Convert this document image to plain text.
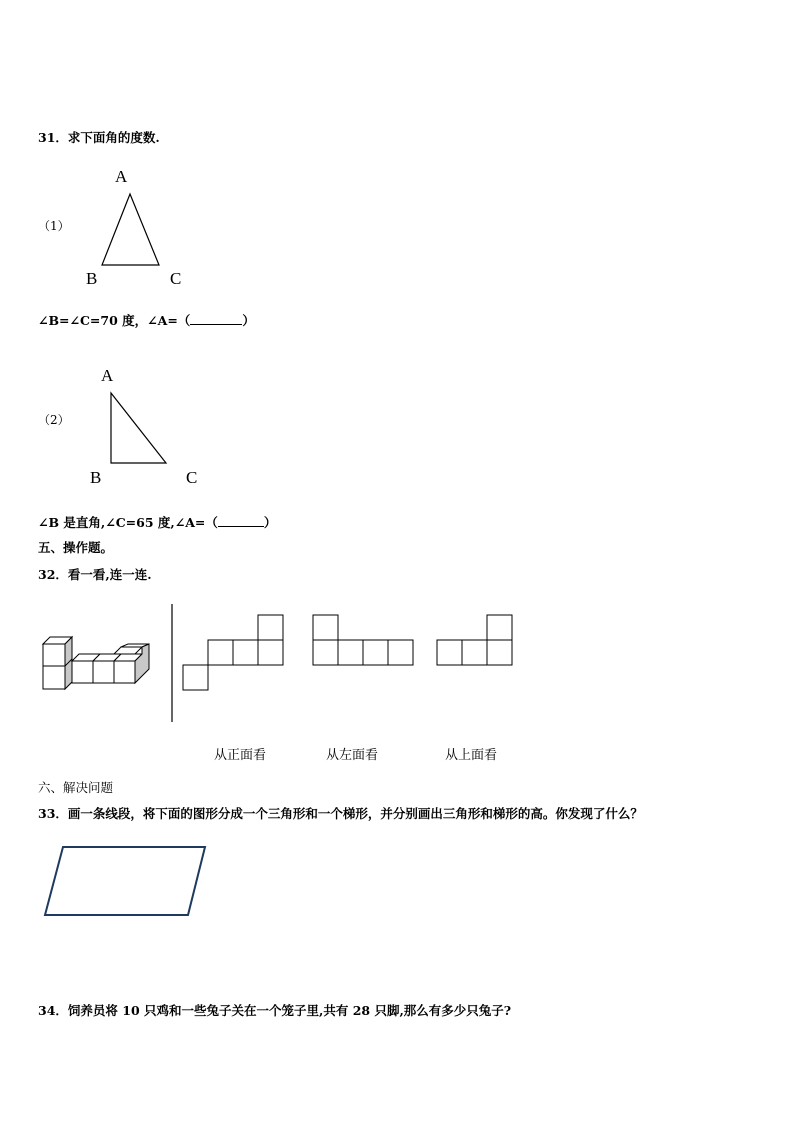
31．求下面角的度数.
A
（1）
B	C
∠B=∠C=70 度，∠A=（	）
A
（2）
B	C
∠B 是直角,∠C=65 度,∠A=（	）
五、操作题。
32．看一看,连一连.
从正面看	从左面看	从上面看
六、解决问题
33．画一条线段，将下面的图形分成一个三角形和一个梯形，并分别画出三角形和梯形的高。你发现了什么？
34．饲养员将 10 只鸡和一些兔子关在一个笼子里,共有 28 只脚,那么有多少只兔子?
